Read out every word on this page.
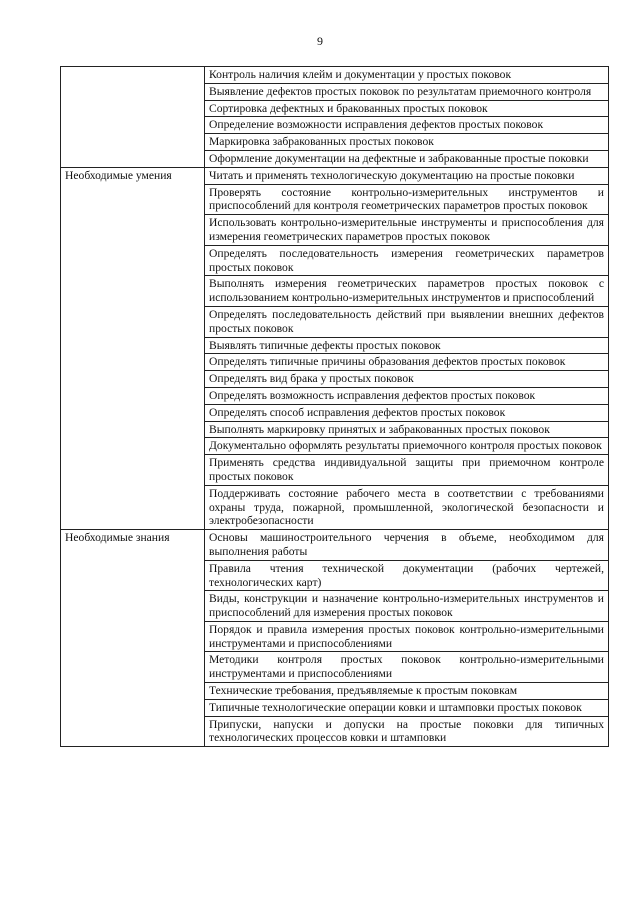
9
	Контроль наличия клейм и документации у простых поковок
	Выявление дефектов простых поковок по результатам приемочного контроля
	Сортировка дефектных и бракованных простых поковок
	Определение возможности исправления дефектов простых поковок
	Маркировка забракованных простых поковок
	Оформление документации на дефектные и забракованные простые поковки
Необходимые умения	Читать и применять технологическую документацию на простые поковки
	Проверять состояние контрольно-измерительных инструментов и приспособлений для контроля геометрических параметров простых поковок
	Использовать контрольно-измерительные инструменты и приспособления для измерения геометрических параметров простых поковок
	Определять последовательность измерения геометрических параметров простых поковок
	Выполнять измерения геометрических параметров простых поковок с использованием контрольно-измерительных инструментов и приспособлений
	Определять последовательность действий при выявлении внешних дефектов простых поковок
	Выявлять типичные дефекты простых поковок
	Определять типичные причины образования дефектов простых поковок
	Определять вид брака у простых поковок
	Определять возможность исправления дефектов простых поковок
	Определять способ исправления дефектов простых поковок
	Выполнять маркировку принятых и забракованных простых поковок
	Документально оформлять результаты приемочного контроля простых поковок
	Применять средства индивидуальной защиты при приемочном контроле простых поковок
	Поддерживать состояние рабочего места в соответствии с требованиями охраны труда, пожарной, промышленной, экологической безопасности и электробезопасности
Необходимые знания	Основы машиностроительного черчения в объеме, необходимом для выполнения работы
	Правила чтения технической документации (рабочих чертежей, технологических карт)
	Виды, конструкции и назначение контрольно-измерительных инструментов и приспособлений для измерения простых поковок
	Порядок и правила измерения простых поковок контрольно-измерительными инструментами и приспособлениями
	Методики контроля простых поковок контрольно-измерительными инструментами и приспособлениями
	Технические требования, предъявляемые к простым поковкам
	Типичные технологические операции ковки и штамповки простых поковок
	Припуски, напуски и допуски на простые поковки для типичных технологических процессов ковки и штамповки
